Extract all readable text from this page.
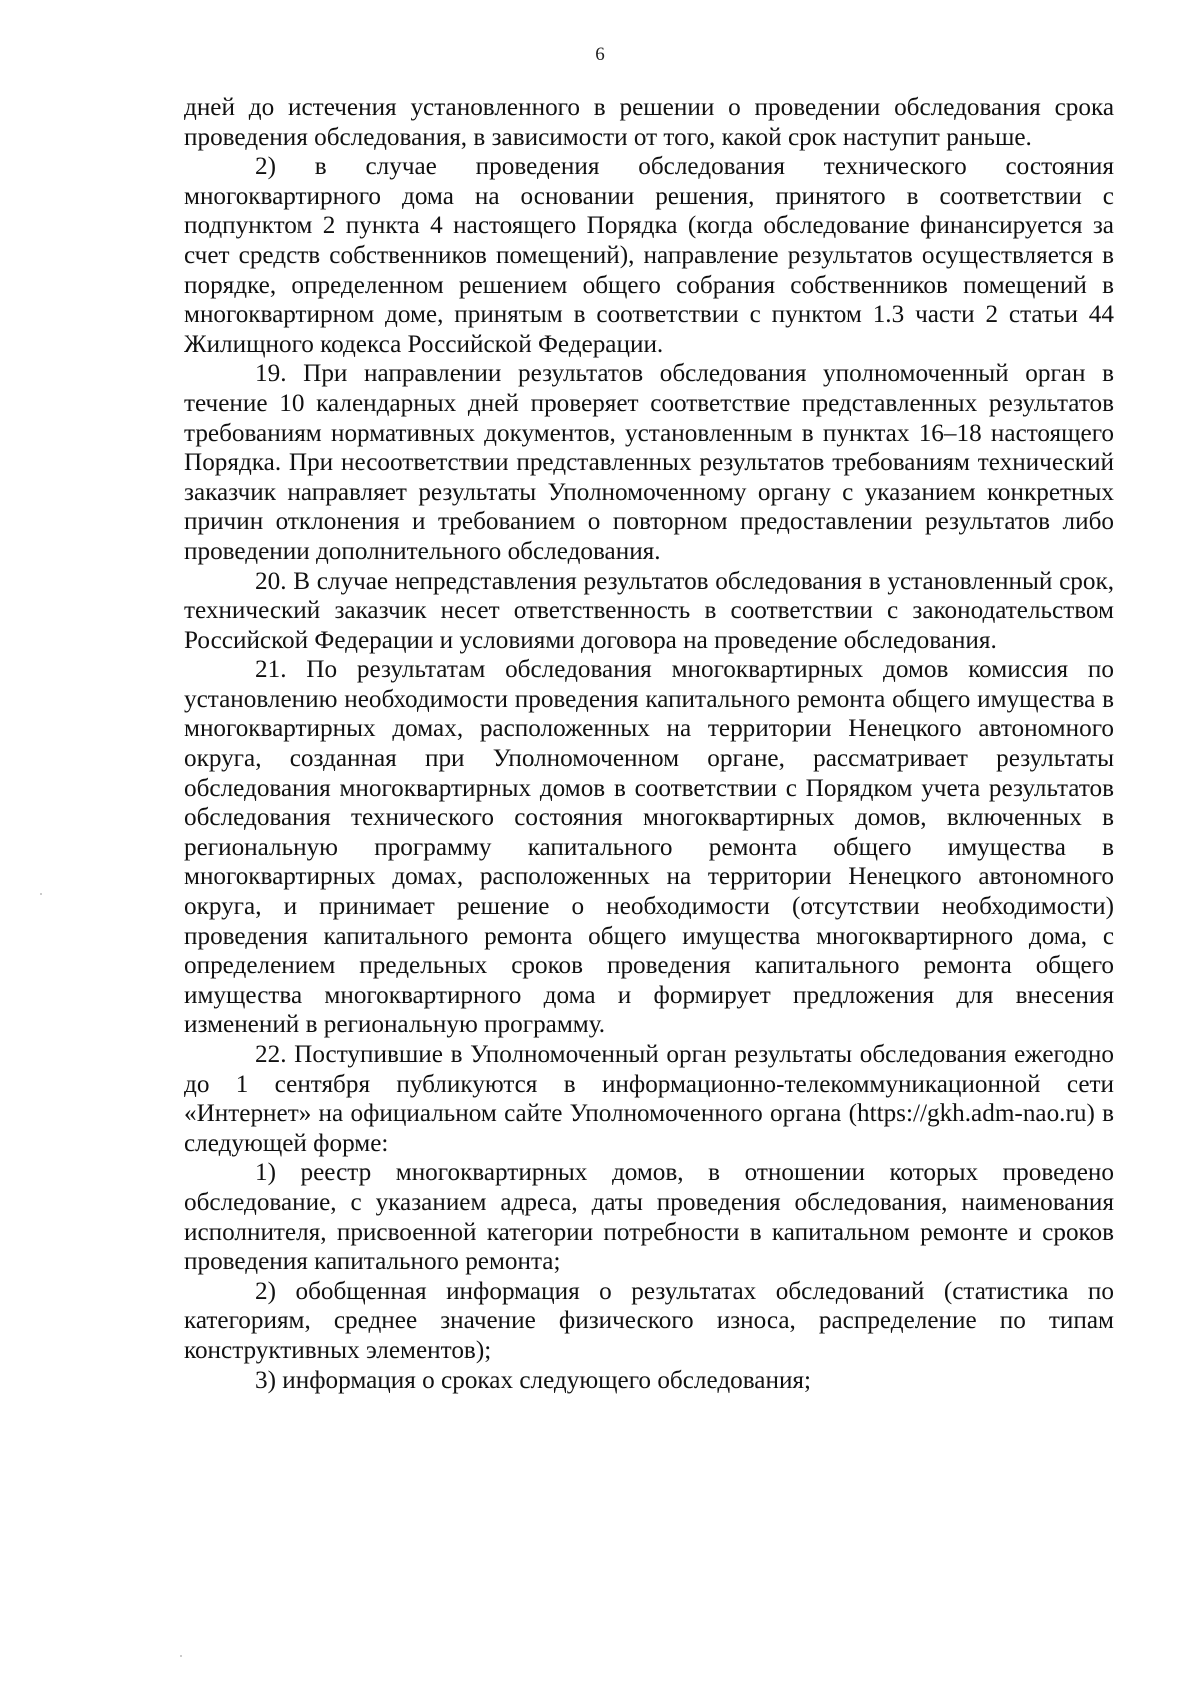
6

дней до истечения установленного в решении о проведении обследования срока проведения обследования, в зависимости от того, какой срок наступит раньше.

2) в случае проведения обследования технического состояния многоквартирного дома на основании решения, принятого в соответствии с подпунктом 2 пункта 4 настоящего Порядка (когда обследование финансируется за счет средств собственников помещений), направление результатов осуществляется в порядке, определенном решением общего собрания собственников помещений в многоквартирном доме, принятым в соответствии с пунктом 1.3 части 2 статьи 44 Жилищного кодекса Российской Федерации.

19. При направлении результатов обследования уполномоченный орган в течение 10 календарных дней проверяет соответствие представленных результатов требованиям нормативных документов, установленным в пунктах 16–18 настоящего Порядка. При несоответствии представленных результатов требованиям технический заказчик направляет результаты Уполномоченному органу с указанием конкретных причин отклонения и требованием о повторном предоставлении результатов либо проведении дополнительного обследования.

20. В случае непредставления результатов обследования в установленный срок, технический заказчик несет ответственность в соответствии с законодательством Российской Федерации и условиями договора на проведение обследования.

21. По результатам обследования многоквартирных домов комиссия по установлению необходимости проведения капитального ремонта общего имущества в многоквартирных домах, расположенных на территории Ненецкого автономного округа, созданная при Уполномоченном органе, рассматривает результаты обследования многоквартирных домов в соответствии с Порядком учета результатов обследования технического состояния многоквартирных домов, включенных в региональную программу капитального ремонта общего имущества в многоквартирных домах, расположенных на территории Ненецкого автономного округа, и принимает решение о необходимости (отсутствии необходимости) проведения капитального ремонта общего имущества многоквартирного дома, с определением предельных сроков проведения капитального ремонта общего имущества многоквартирного дома и формирует предложения для внесения изменений в региональную программу.

22. Поступившие в Уполномоченный орган результаты обследования ежегодно до 1 сентября публикуются в информационно-телекоммуникационной сети «Интернет» на официальном сайте Уполномоченного органа (https://gkh.adm-nao.ru) в следующей форме:

1) реестр многоквартирных домов, в отношении которых проведено обследование, с указанием адреса, даты проведения обследования, наименования исполнителя, присвоенной категории потребности в капитальном ремонте и сроков проведения капитального ремонта;

2) обобщенная информация о результатах обследований (статистика по категориям, среднее значение физического износа, распределение по типам конструктивных элементов);

3) информация о сроках следующего обследования;
